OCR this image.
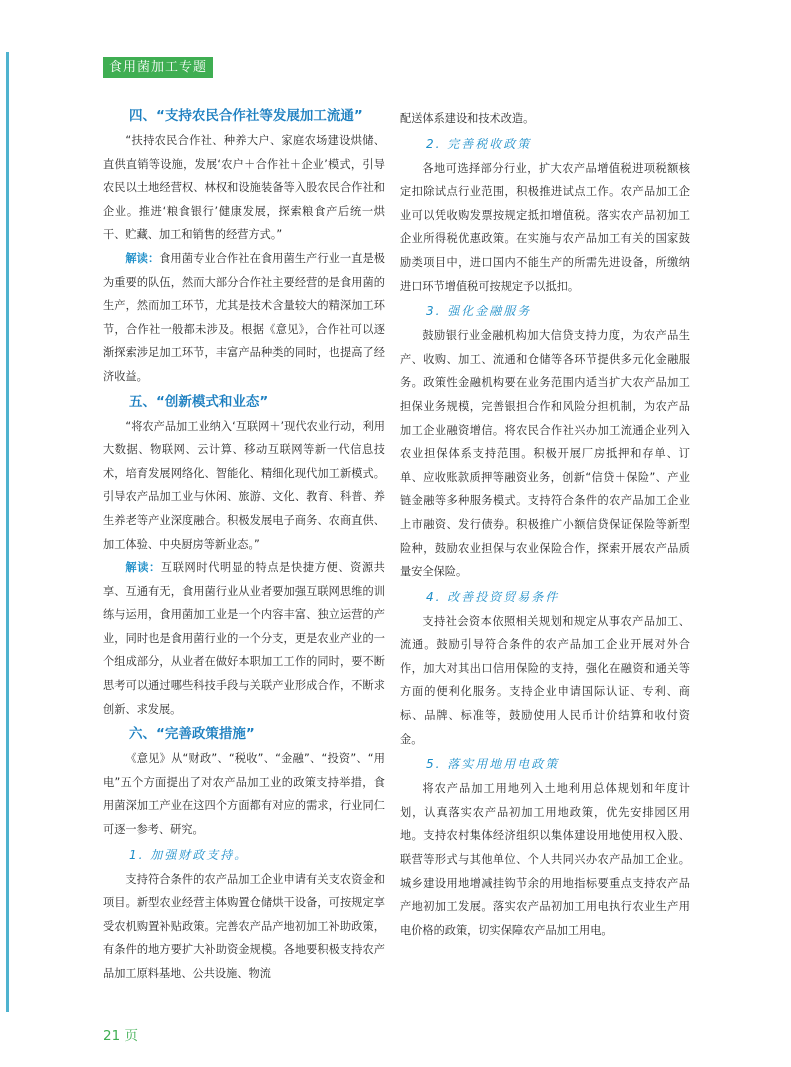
食用菌加工专题
四、“支持农民合作社等发展加工流通”

“扶持农民合作社、种养大户、家庭农场建设烘储、直供直销等设施，发展‘农户＋合作社＋企业’模式，引导农民以土地经营权、林权和设施装备等入股农民合作社和企业。推进‘粮食银行’健康发展，探索粮食产后统一烘干、贮藏、加工和销售的经营方式。”

解读：食用菌专业合作社在食用菌生产行业一直是极为重要的队伍，然而大部分合作社主要经营的是食用菌的生产，然而加工环节，尤其是技术含量较大的精深加工环节，合作社一般都未涉及。根据《意见》，合作社可以逐渐探索涉足加工环节，丰富产品种类的同时，也提高了经济收益。

五、“创新模式和业态”

“将农产品加工业纳入‘互联网＋’现代农业行动，利用大数据、物联网、云计算、移动互联网等新一代信息技术，培育发展网络化、智能化、精细化现代加工新模式。引导农产品加工业与休闲、旅游、文化、教育、科普、养生养老等产业深度融合。积极发展电子商务、农商直供、加工体验、中央厨房等新业态。”

解读：互联网时代明显的特点是快捷方便、资源共享、互通有无，食用菌行业从业者要加强互联网思维的训练与运用，食用菌加工业是一个内容丰富、独立运营的产业，同时也是食用菌行业的一个分支，更是农业产业的一个组成部分，从业者在做好本职加工工作的同时，要不断思考可以通过哪些科技手段与关联产业形成合作，不断求创新、求发展。

六、“完善政策措施”

《意见》从“财政”、“税收”、“金融”、“投资”、“用电”五个方面提出了对农产品加工业的政策支持举措，食用菌深加工产业在这四个方面都有对应的需求，行业同仁可逐一参考、研究。

1. 加强财政支持。

支持符合条件的农产品加工企业申请有关支农资金和项目。新型农业经营主体购置仓储烘干设备，可按规定享受农机购置补贴政策。完善农产品产地初加工补助政策，有条件的地方要扩大补助资金规模。各地要积极支持农产品加工原料基地、公共设施、物流

配送体系建设和技术改造。

2. 完善税收政策

各地可选择部分行业，扩大农产品增值税进项税额核定扣除试点行业范围，积极推进试点工作。农产品加工企业可以凭收购发票按规定抵扣增值税。落实农产品初加工企业所得税优惠政策。在实施与农产品加工有关的国家鼓励类项目中，进口国内不能生产的所需先进设备，所缴纳进口环节增值税可按规定予以抵扣。

3. 强化金融服务

鼓励银行业金融机构加大信贷支持力度，为农产品生产、收购、加工、流通和仓储等各环节提供多元化金融服务。政策性金融机构要在业务范围内适当扩大农产品加工担保业务规模，完善银担合作和风险分担机制，为农产品加工企业融资增信。将农民合作社兴办加工流通企业列入农业担保体系支持范围。积极开展厂房抵押和存单、订单、应收账款质押等融资业务，创新“信贷＋保险”、产业链金融等多种服务模式。支持符合条件的农产品加工企业上市融资、发行债券。积极推广小额信贷保证保险等新型险种，鼓励农业担保与农业保险合作，探索开展农产品质量安全保险。

4. 改善投资贸易条件

支持社会资本依照相关规划和规定从事农产品加工、流通。鼓励引导符合条件的农产品加工企业开展对外合作，加大对其出口信用保险的支持，强化在融资和通关等方面的便利化服务。支持企业申请国际认证、专利、商标、品牌、标准等，鼓励使用人民币计价结算和收付资金。

5. 落实用地用电政策

将农产品加工用地列入土地利用总体规划和年度计划，认真落实农产品初加工用地政策，优先安排园区用地。支持农村集体经济组织以集体建设用地使用权入股、联营等形式与其他单位、个人共同兴办农产品加工企业。城乡建设用地增减挂钩节余的用地指标要重点支持农产品产地初加工发展。落实农产品初加工用电执行农业生产用电价格的政策，切实保障农产品加工用电。

21 页
